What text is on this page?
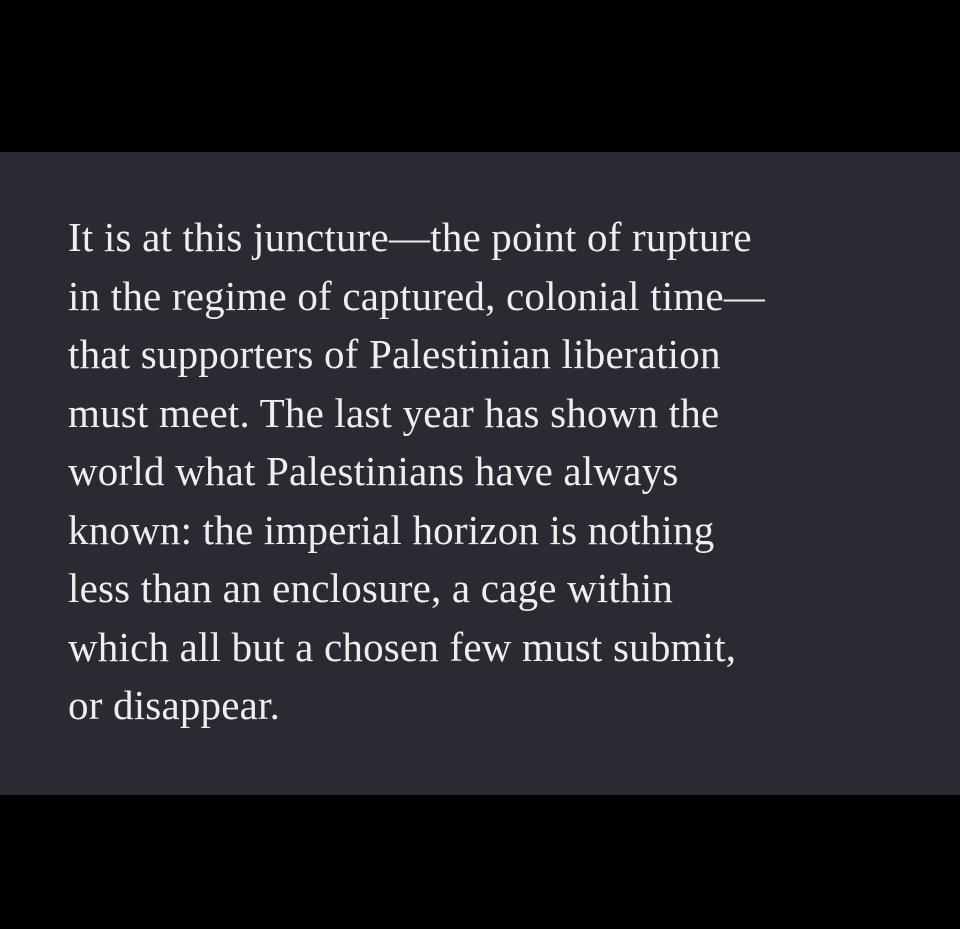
It is at this juncture—the point of rupture
in the regime of captured, colonial time—
that supporters of Palestinian liberation
must meet. The last year has shown the
world what Palestinians have always
known: the imperial horizon is nothing
less than an enclosure, a cage within
which all but a chosen few must submit,
or disappear.
